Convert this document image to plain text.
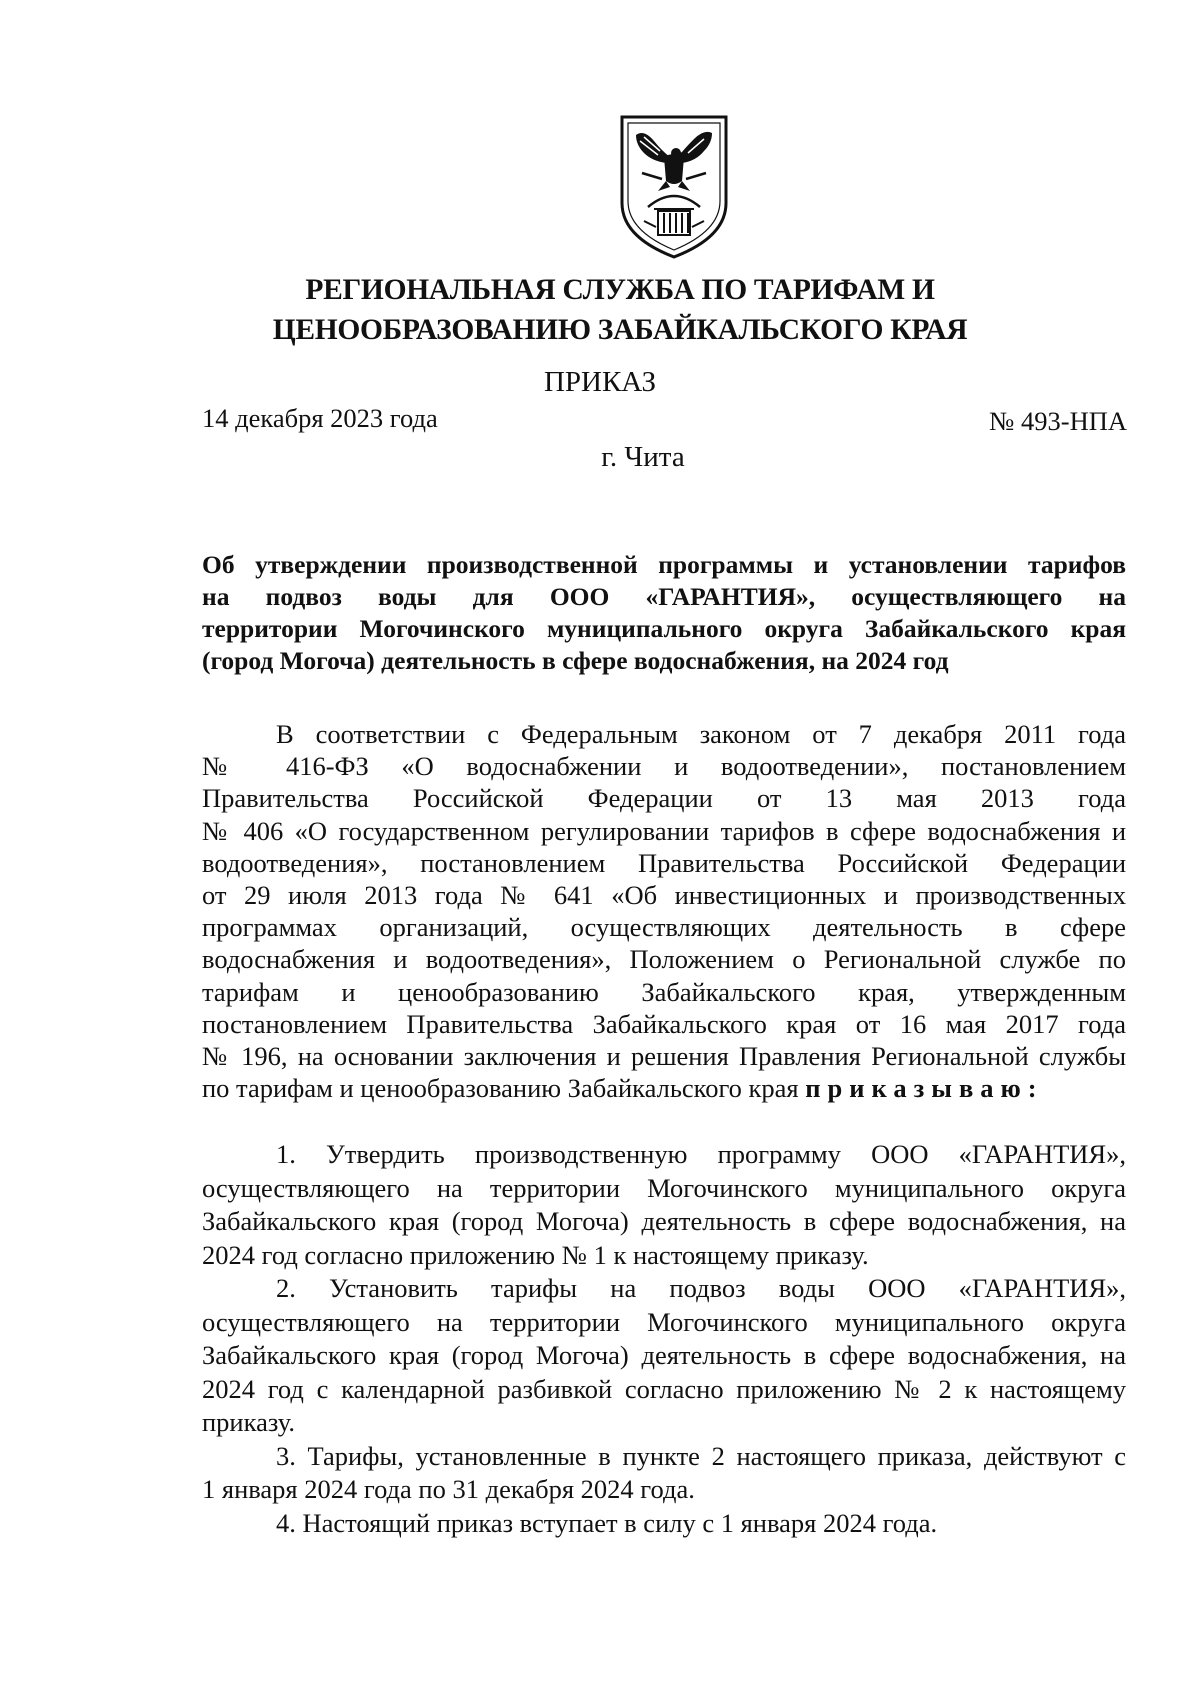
РЕГИОНАЛЬНАЯ СЛУЖБА ПО ТАРИФАМ И
ЦЕНООБРАЗОВАНИЮ ЗАБАЙКАЛЬСКОГО КРАЯ
ПРИКАЗ
14 декабря 2023 года	№ 493-НПА
г. Чита
Об утверждении производственной программы и установлении тарифов
на подвоз воды для ООО «ГАРАНТИЯ», осуществляющего на
территории Могочинского муниципального округа Забайкальского края
(город Могоча) деятельность в сфере водоснабжения, на 2024 год
В соответствии с Федеральным законом от 7 декабря 2011 года
№ 416-ФЗ «О водоснабжении и водоотведении», постановлением
Правительства Российской Федерации от 13 мая 2013 года
№ 406 «О государственном регулировании тарифов в сфере водоснабжения и
водоотведения», постановлением Правительства Российской Федерации
от 29 июля 2013 года № 641 «Об инвестиционных и производственных
программах организаций, осуществляющих деятельность в сфере
водоснабжения и водоотведения», Положением о Региональной службе по
тарифам и ценообразованию Забайкальского края, утвержденным
постановлением Правительства Забайкальского края от 16 мая 2017 года
№ 196, на основании заключения и решения Правления Региональной службы
по тарифам и ценообразованию Забайкальского края приказываю:
1. Утвердить производственную программу ООО «ГАРАНТИЯ»,
осуществляющего на территории Могочинского муниципального округа
Забайкальского края (город Могоча) деятельность в сфере водоснабжения, на
2024 год согласно приложению № 1 к настоящему приказу.
2. Установить тарифы на подвоз воды ООО «ГАРАНТИЯ»,
осуществляющего на территории Могочинского муниципального округа
Забайкальского края (город Могоча) деятельность в сфере водоснабжения, на
2024 год с календарной разбивкой согласно приложению № 2 к настоящему
приказу.
3. Тарифы, установленные в пункте 2 настоящего приказа, действуют с
1 января 2024 года по 31 декабря 2024 года.
4. Настоящий приказ вступает в силу с 1 января 2024 года.
